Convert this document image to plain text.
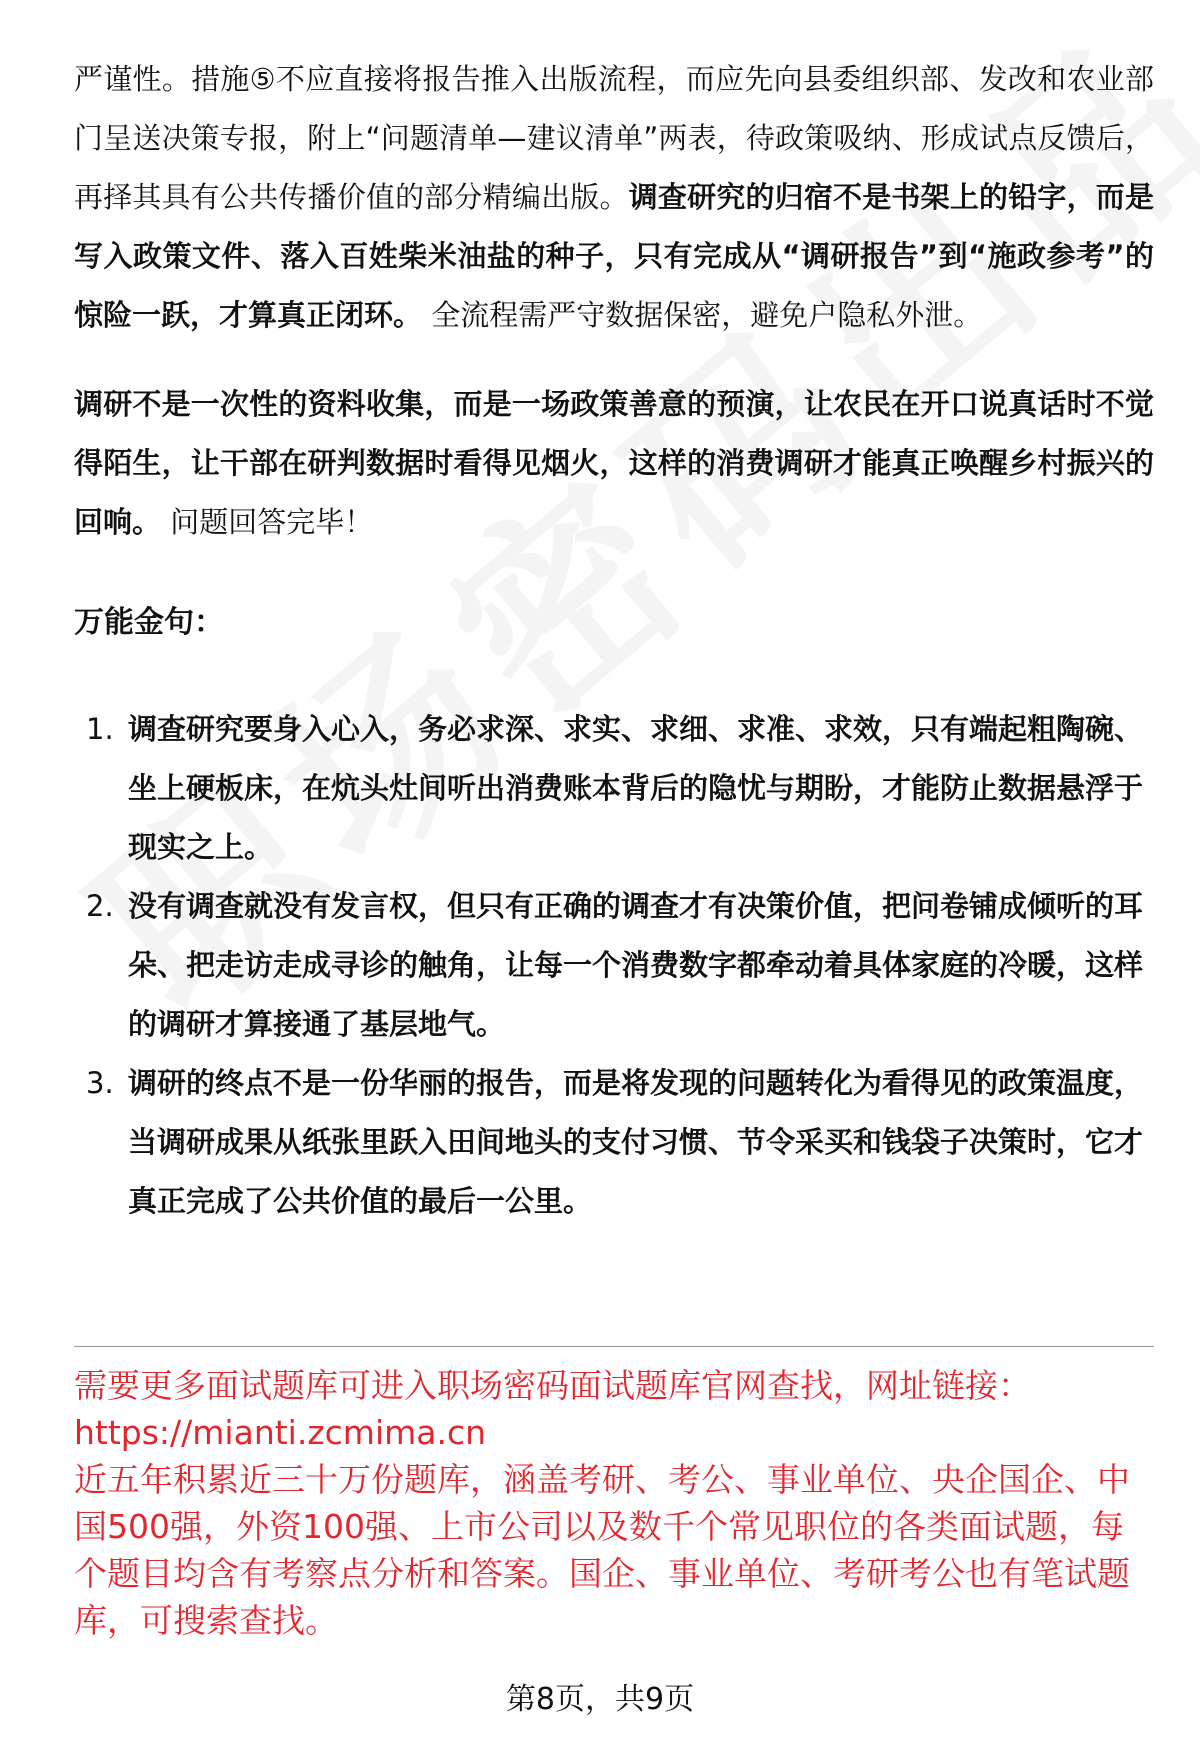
严谨性。措施⑤不应直接将报告推入出版流程，而应先向县委组织部、发改和农业部门呈送决策专报，附上“问题清单—建议清单”两表，待政策吸纳、形成试点反馈后，再择其具有公共传播价值的部分精编出版。调查研究的归宿不是书架上的铅字，而是写入政策文件、落入百姓柴米油盐的种子，只有完成从“调研报告”到“施政参考”的惊险一跃，才算真正闭环。 全流程需严守数据保密，避免户隐私外泄。

调研不是一次性的资料收集，而是一场政策善意的预演，让农民在开口说真话时不觉得陌生，让干部在研判数据时看得见烟火，这样的消费调研才能真正唤醒乡村振兴的回响。 问题回答完毕！

万能金句：
1. 调查研究要身入心入，务必求深、求实、求细、求准、求效，只有端起粗陶碗、坐上硬板床，在炕头灶间听出消费账本背后的隐忧与期盼，才能防止数据悬浮于现实之上。
2. 没有调查就没有发言权，但只有正确的调查才有决策价值，把问卷铺成倾听的耳朵、把走访走成寻诊的触角，让每一个消费数字都牵动着具体家庭的冷暖，这样的调研才算接通了基层地气。
3. 调研的终点不是一份华丽的报告，而是将发现的问题转化为看得见的政策温度，当调研成果从纸张里跃入田间地头的支付习惯、节令采买和钱袋子决策时，它才真正完成了公共价值的最后一公里。
需要更多面试题库可进入职场密码面试题库官网查找，网址链接：
https://mianti.zcmima.cn
近五年积累近三十万份题库，涵盖考研、考公、事业单位、央企国企、中国500强，外资100强、上市公司以及数千个常见职位的各类面试题，每个题目均含有考察点分析和答案。国企、事业单位、考研考公也有笔试题库，可搜索查找。
第8页，共9页
